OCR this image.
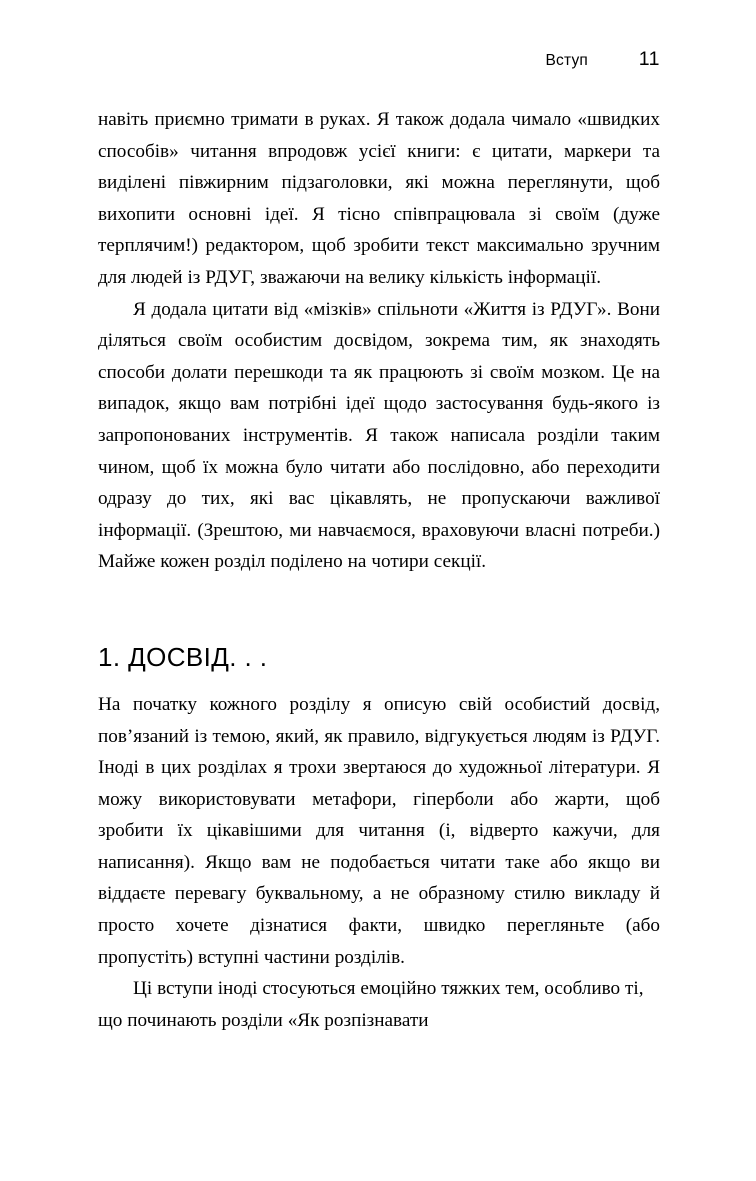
Вступ	11

навіть приємно тримати в руках. Я також додала чимало «швидких способів» читання впродовж усієї книги: є цитати, маркери та виділені півжирним підзаголовки, які можна переглянути, щоб вихопити основні ідеї. Я тісно співпрацювала зі своїм (дуже терплячим!) редактором, щоб зробити текст максимально зручним для людей із РДУГ, зважаючи на велику кількість інформації.

Я додала цитати від «мізків» спільноти «Життя із РДУГ». Вони діляться своїм особистим досвідом, зокрема тим, як знаходять способи долати перешкоди та як працюють зі своїм мозком. Це на випадок, якщо вам потрібні ідеї щодо застосування будь-якого із запропонованих інструментів. Я також написала розділи таким чином, щоб їх можна було читати або послідовно, або переходити одразу до тих, які вас цікавлять, не пропускаючи важливої інформації. (Зрештою, ми навчаємося, враховуючи власні потреби.) Майже кожен розділ поділено на чотири секції.

1. ДОСВІД. . .

На початку кожного розділу я описую свій особистий досвід, пов’язаний із темою, який, як правило, відгукується людям із РДУГ. Іноді в цих розділах я трохи звертаюся до художньої літератури. Я можу використовувати метафори, гіперболи або жарти, щоб зробити їх цікавішими для читання (і, відверто кажучи, для написання). Якщо вам не подобається читати таке або якщо ви віддаєте перевагу буквальному, а не образному стилю викладу й просто хочете дізнатися факти, швидко перегляньте (або пропустіть) вступні частини розділів.

Ці вступи іноді стосуються емоційно тяжких тем, особливо ті, що починають розділи «Як розпізнавати
